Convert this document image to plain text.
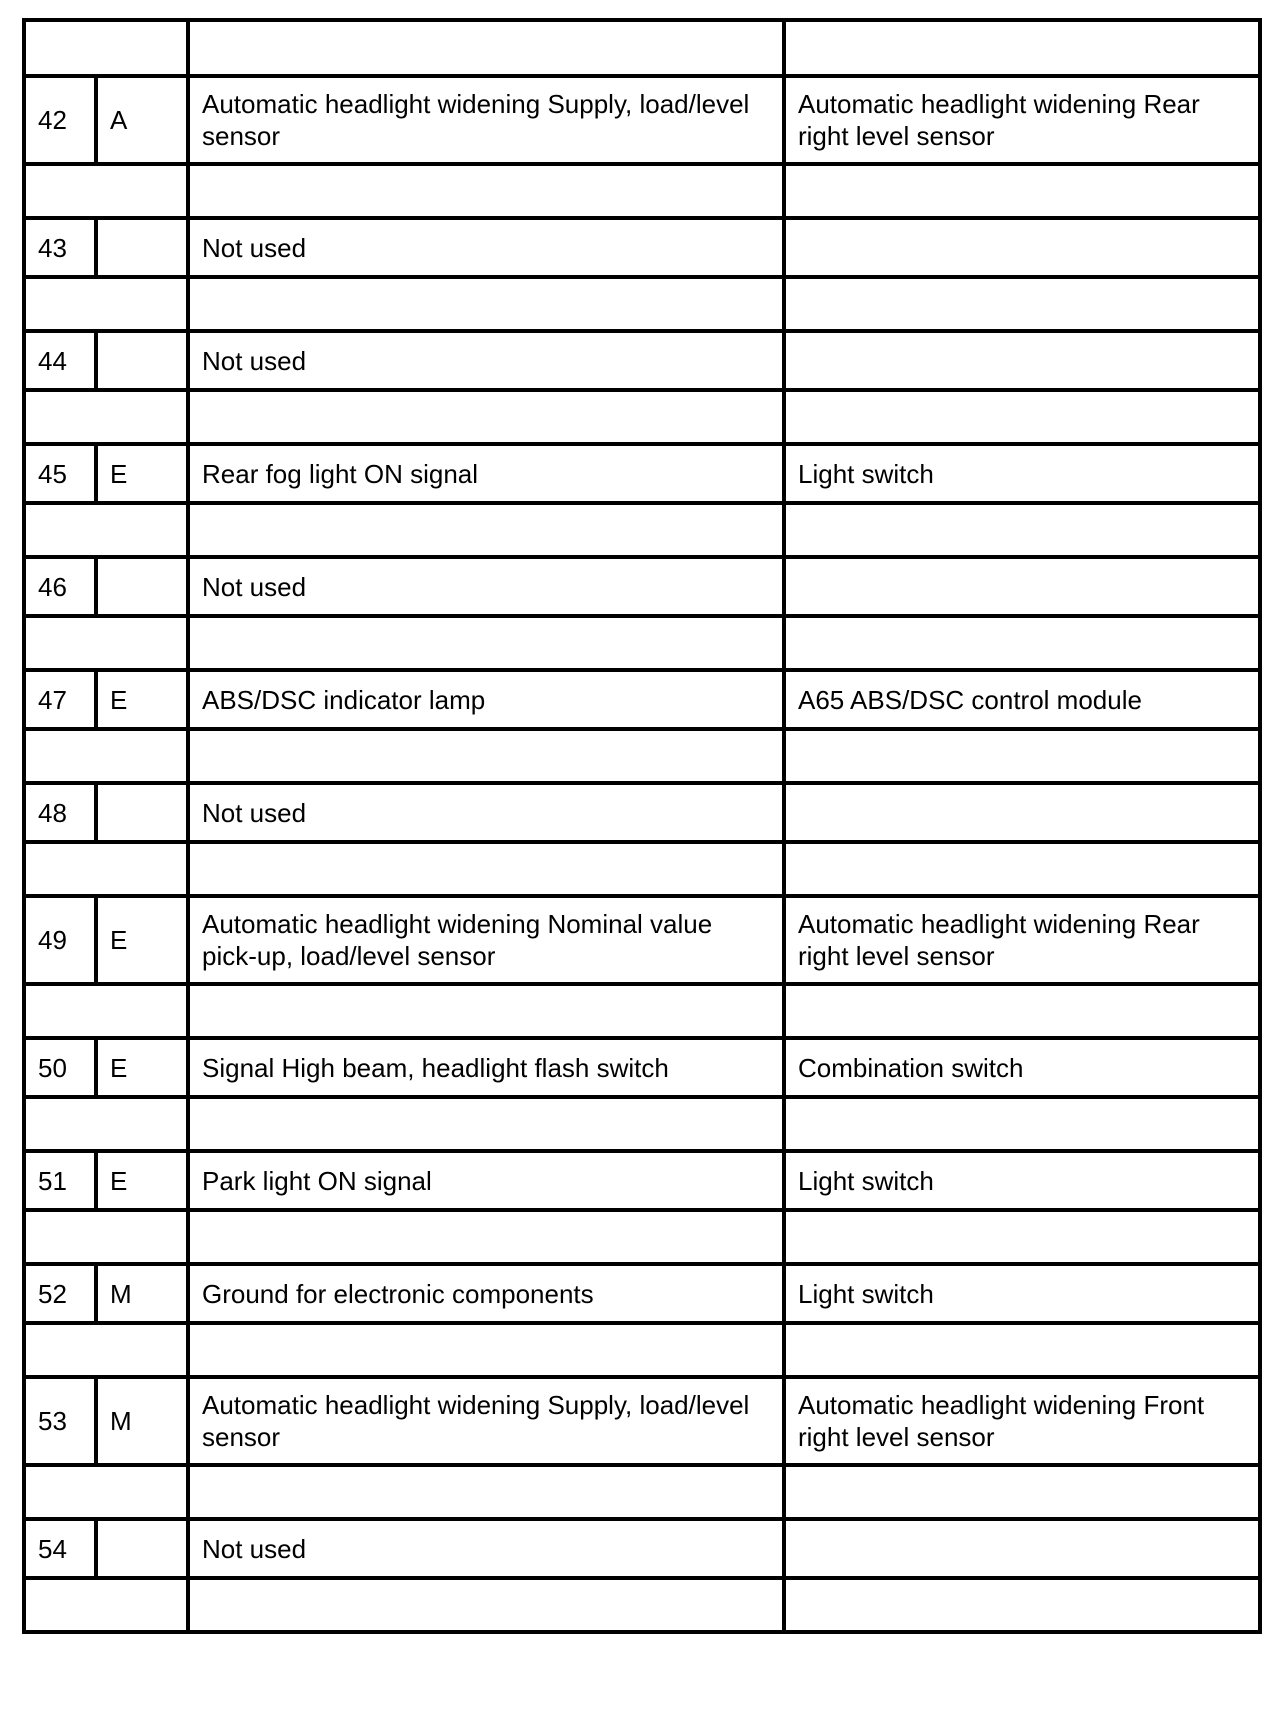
42	A	Automatic headlight widening Supply, load/level sensor	Automatic headlight widening Rear right level sensor

43		Not used	

44		Not used	

45	E	Rear fog light ON signal	Light switch

46		Not used	

47	E	ABS/DSC indicator lamp	A65 ABS/DSC control module

48		Not used	

49	E	Automatic headlight widening Nominal value pick-up, load/level sensor	Automatic headlight widening Rear right level sensor

50	E	Signal High beam, headlight flash switch	Combination switch

51	E	Park light ON signal	Light switch

52	M	Ground for electronic components	Light switch

53	M	Automatic headlight widening Supply, load/level sensor	Automatic headlight widening Front right level sensor

54		Not used	
